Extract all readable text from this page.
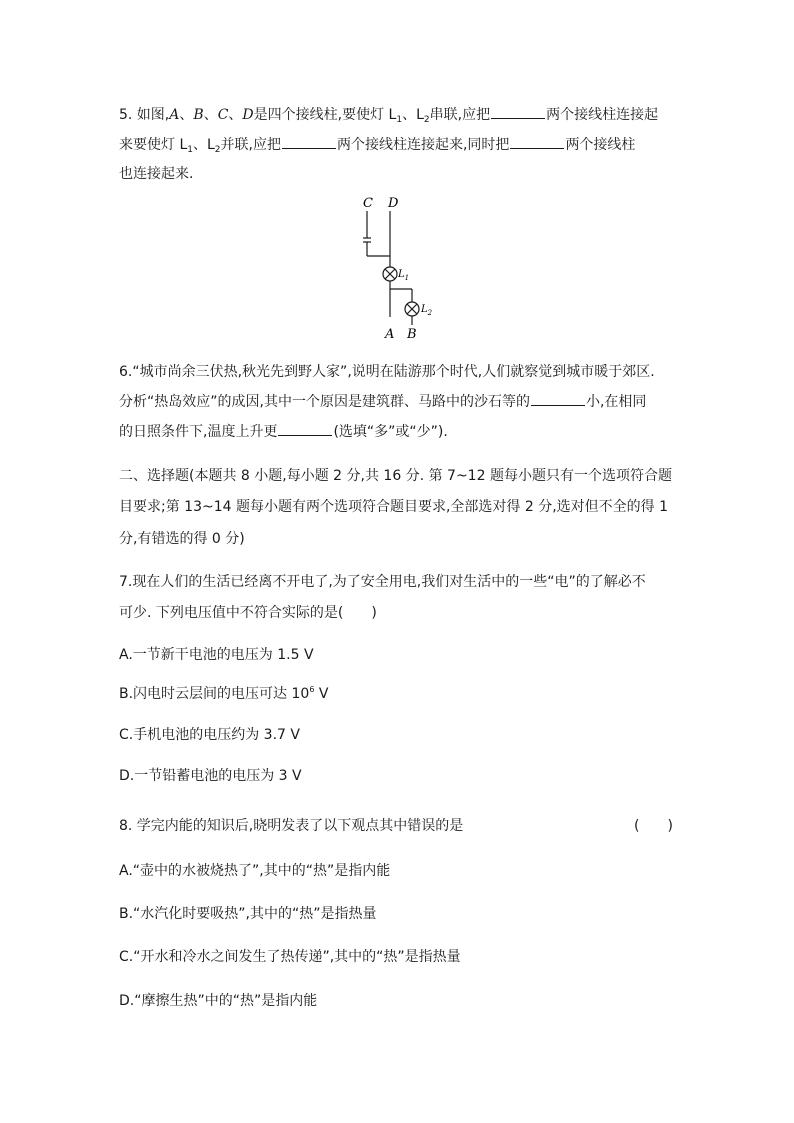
5. 如图,A、B、C、D是四个接线柱,要使灯 $L_1$、$L_2$串联,应把	两个接线柱连接起
来要使灯 $L_1$、$L_2$并联,应把	两个接线柱连接起来,同时把	两个接线柱
也连接起来.
C D
$L_1$
$L_2$
A B
6.“城市尚余三伏热,秋光先到野人家”,说明在陆游那个时代,人们就察觉到城市暖于郊区.
分析“热岛效应”的成因,其中一个原因是建筑群、马路中的沙石等的	小,在相同
的日照条件下,温度上升更	(选填“多”或“少”).
二、选择题(本题共 8 小题,每小题 2 分,共 16 分. 第 7~12 题每小题只有一个选项符合题
目要求;第 13~14 题每小题有两个选项符合题目要求,全部选对得 2 分,选对但不全的得 1
分,有错选的得 0 分)
7.现在人们的生活已经离不开电了,为了安全用电,我们对生活中的一些“电”的了解必不
可少. 下列电压值中不符合实际的是(　　)
A.一节新干电池的电压为 1.5 V
B.闪电时云层间的电压可达 $10^6$ V
C.手机电池的电压约为 3.7 V
D.一节铅蓄电池的电压为 3 V
8. 学完内能的知识后,晓明发表了以下观点其中错误的是	(　　)
A.“壶中的水被烧热了”,其中的“热”是指内能
B.“水汽化时要吸热”,其中的“热”是指热量
C.“开水和冷水之间发生了热传递”,其中的“热”是指热量
D.“摩擦生热”中的“热”是指内能
